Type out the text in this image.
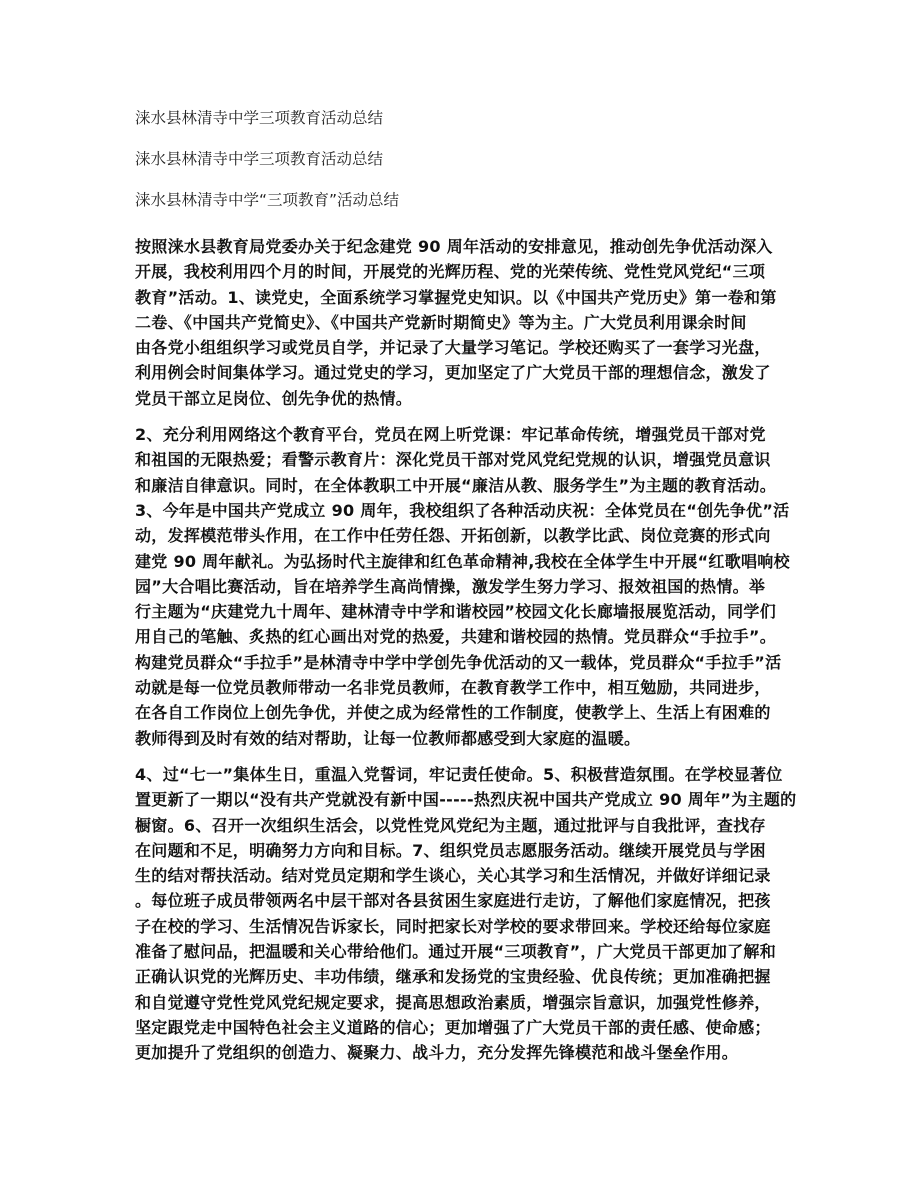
涞水县林清寺中学三项教育活动总结
涞水县林清寺中学三项教育活动总结
涞水县林清寺中学“三项教育”活动总结
按照涞水县教育局党委办关于纪念建党 90 周年活动的安排意见，推动创先争优活动深入
开展，我校利用四个月的时间，开展党的光辉历程、党的光荣传统、党性党风党纪“三项
教育”活动。1、读党史，全面系统学习掌握党史知识。以《中国共产党历史》第一卷和第
二卷、《中国共产党简史》、《中国共产党新时期简史》等为主。广大党员利用课余时间
由各党小组组织学习或党员自学，并记录了大量学习笔记。学校还购买了一套学习光盘，
利用例会时间集体学习。通过党史的学习，更加坚定了广大党员干部的理想信念，激发了
党员干部立足岗位、创先争优的热情。
2、充分利用网络这个教育平台，党员在网上听党课：牢记革命传统，增强党员干部对党
和祖国的无限热爱；看警示教育片：深化党员干部对党风党纪党规的认识，增强党员意识
和廉洁自律意识。同时，在全体教职工中开展“廉洁从教、服务学生”为主题的教育活动。
3、今年是中国共产党成立 90 周年，我校组织了各种活动庆祝：全体党员在“创先争优”活
动，发挥模范带头作用，在工作中任劳任怨、开拓创新，以教学比武、岗位竞赛的形式向
建党 90 周年献礼。为弘扬时代主旋律和红色革命精神,我校在全体学生中开展“红歌唱响校
园”大合唱比赛活动，旨在培养学生高尚情操，激发学生努力学习、报效祖国的热情。举
行主题为“庆建党九十周年、建林清寺中学和谐校园”校园文化长廊墙报展览活动，同学们
用自己的笔触、炙热的红心画出对党的热爱，共建和谐校园的热情。党员群众“手拉手”。
构建党员群众“手拉手”是林清寺中学中学创先争优活动的又一载体，党员群众“手拉手”活
动就是每一位党员教师带动一名非党员教师，在教育教学工作中，相互勉励，共同进步，
在各自工作岗位上创先争优，并使之成为经常性的工作制度，使教学上、生活上有困难的
教师得到及时有效的结对帮助，让每一位教师都感受到大家庭的温暖。
4、过“七一”集体生日，重温入党誓词，牢记责任使命。5、积极营造氛围。在学校显著位
置更新了一期以“没有共产党就没有新中国-----热烈庆祝中国共产党成立 90 周年”为主题的
橱窗。6、召开一次组织生活会，以党性党风党纪为主题，通过批评与自我批评，查找存
在问题和不足，明确努力方向和目标。7、组织党员志愿服务活动。继续开展党员与学困
生的结对帮扶活动。结对党员定期和学生谈心，关心其学习和生活情况，并做好详细记录
。每位班子成员带领两名中层干部对各县贫困生家庭进行走访，了解他们家庭情况，把孩
子在校的学习、生活情况告诉家长，同时把家长对学校的要求带回来。学校还给每位家庭
准备了慰问品，把温暖和关心带给他们。通过开展“三项教育”，广大党员干部更加了解和
正确认识党的光辉历史、丰功伟绩，继承和发扬党的宝贵经验、优良传统；更加准确把握
和自觉遵守党性党风党纪规定要求，提高思想政治素质，增强宗旨意识，加强党性修养，
坚定跟党走中国特色社会主义道路的信心；更加增强了广大党员干部的责任感、使命感；
更加提升了党组织的创造力、凝聚力、战斗力，充分发挥先锋模范和战斗堡垒作用。
